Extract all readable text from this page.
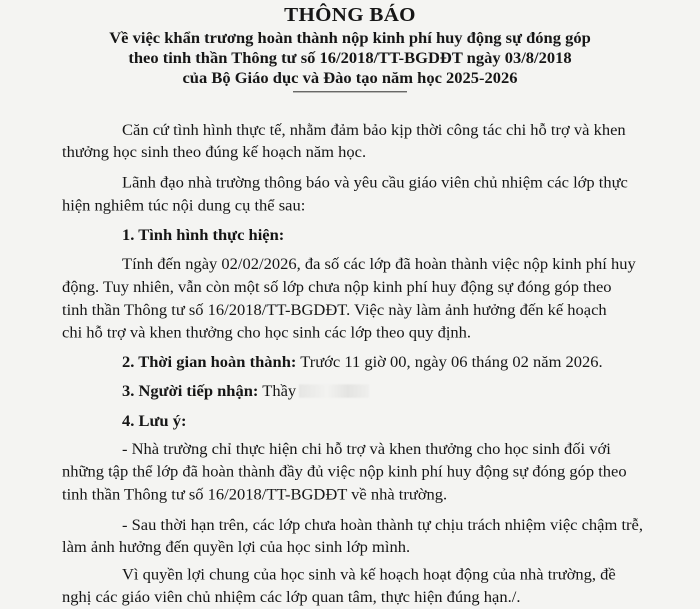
THÔNG BÁO
Về việc khẩn trương hoàn thành nộp kinh phí huy động sự đóng góp
theo tinh thần Thông tư số 16/2018/TT-BGDĐT ngày 03/8/2018
của Bộ Giáo dục và Đào tạo năm học 2025-2026
Căn cứ tình hình thực tế, nhằm đảm bảo kịp thời công tác chi hỗ trợ và khen
thưởng học sinh theo đúng kế hoạch năm học.
Lãnh đạo nhà trường thông báo và yêu cầu giáo viên chủ nhiệm các lớp thực
hiện nghiêm túc nội dung cụ thể sau:
1. Tình hình thực hiện:
Tính đến ngày 02/02/2026, đa số các lớp đã hoàn thành việc nộp kinh phí huy
động. Tuy nhiên, vẫn còn một số lớp chưa nộp kinh phí huy động sự đóng góp theo
tinh thần Thông tư số 16/2018/TT-BGDĐT. Việc này làm ảnh hưởng đến kế hoạch
chi hỗ trợ và khen thưởng cho học sinh các lớp theo quy định.
2. Thời gian hoàn thành: Trước 11 giờ 00, ngày 06 tháng 02 năm 2026.
3. Người tiếp nhận: Thầy
4. Lưu ý:
- Nhà trường chỉ thực hiện chi hỗ trợ và khen thưởng cho học sinh đối với
những tập thể lớp đã hoàn thành đầy đủ việc nộp kinh phí huy động sự đóng góp theo
tinh thần Thông tư số 16/2018/TT-BGDĐT về nhà trường.
- Sau thời hạn trên, các lớp chưa hoàn thành tự chịu trách nhiệm việc chậm trễ,
làm ảnh hưởng đến quyền lợi của học sinh lớp mình.
Vì quyền lợi chung của học sinh và kế hoạch hoạt động của nhà trường, đề
nghị các giáo viên chủ nhiệm các lớp quan tâm, thực hiện đúng hạn./.
